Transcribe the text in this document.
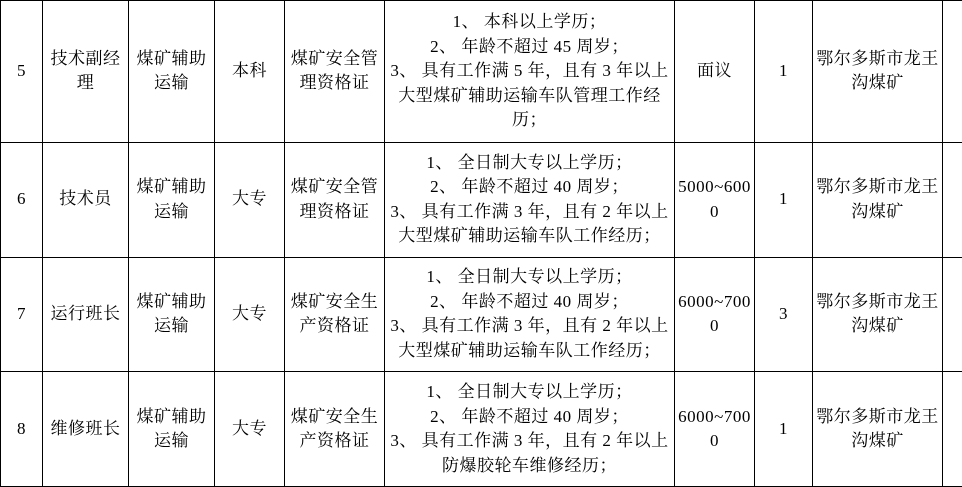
5	技术副经理	煤矿辅助运输	本科	煤矿安全管理资格证	1、 本科以上学历；
2、 年龄不超过 45 周岁；
3、 具有工作满 5 年，且有 3 年以上大型煤矿辅助运输车队管理工作经历；	面议	1	鄂尔多斯市龙王沟煤矿	
6	技术员	煤矿辅助运输	大专	煤矿安全管理资格证	1、 全日制大专以上学历；
2、 年龄不超过 40 周岁；
3、 具有工作满 3 年，且有 2 年以上大型煤矿辅助运输车队工作经历；	5000~6000	1	鄂尔多斯市龙王沟煤矿	
7	运行班长	煤矿辅助运输	大专	煤矿安全生产资格证	1、 全日制大专以上学历；
2、 年龄不超过 40 周岁；
3、 具有工作满 3 年，且有 2 年以上大型煤矿辅助运输车队工作经历；	6000~7000	3	鄂尔多斯市龙王沟煤矿	
8	维修班长	煤矿辅助运输	大专	煤矿安全生产资格证	1、 全日制大专以上学历；
2、 年龄不超过 40 周岁；
3、 具有工作满 3 年，且有 2 年以上防爆胶轮车维修经历；	6000~7000	1	鄂尔多斯市龙王沟煤矿	
